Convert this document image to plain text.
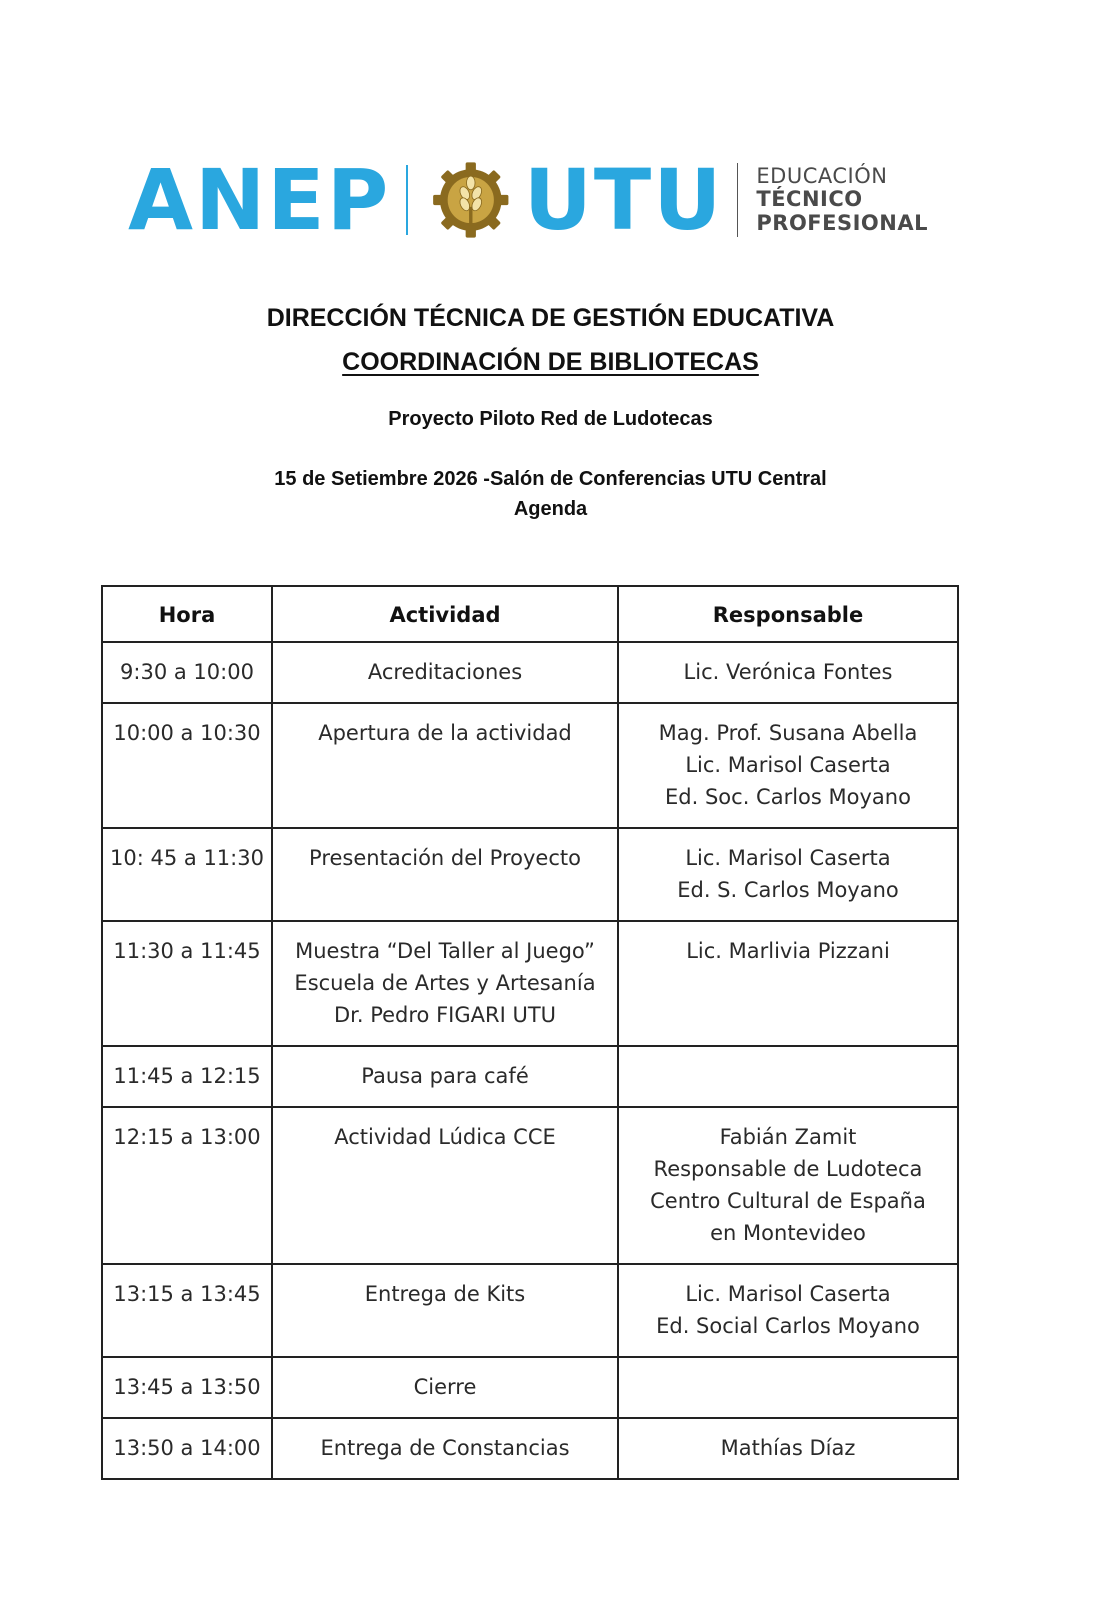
ANEP UTU EDUCACIÓN
TÉCNICO
PROFESIONAL
DIRECCIÓN TÉCNICA DE GESTIÓN EDUCATIVA
COORDINACIÓN DE BIBLIOTECAS
Proyecto Piloto Red de Ludotecas
15 de Setiembre 2026 -Salón de Conferencias UTU Central
Agenda
Hora	Actividad	Responsable
9:30 a 10:00	Acreditaciones	Lic. Verónica Fontes

10:00 a 10:30	Apertura de la actividad	Mag. Prof. Susana Abella
Lic. Marisol Caserta
Ed. Soc. Carlos Moyano

10: 45 a 11:30	Presentación del Proyecto	Lic. Marisol Caserta
Ed. S. Carlos Moyano

11:30 a 11:45	Muestra “Del Taller al Juego”
Escuela de Artes y Artesanía
Dr. Pedro FIGARI UTU	Lic. Marlivia Pizzani

11:45 a 12:15	Pausa para café	

12:15 a 13:00	Actividad Lúdica CCE	Fabián Zamit
Responsable de Ludoteca
Centro Cultural de España
en Montevideo

13:15 a 13:45	Entrega de Kits	Lic. Marisol Caserta
Ed. Social Carlos Moyano

13:45 a 13:50	Cierre	

13:50 a 14:00	Entrega de Constancias	Mathías Díaz
